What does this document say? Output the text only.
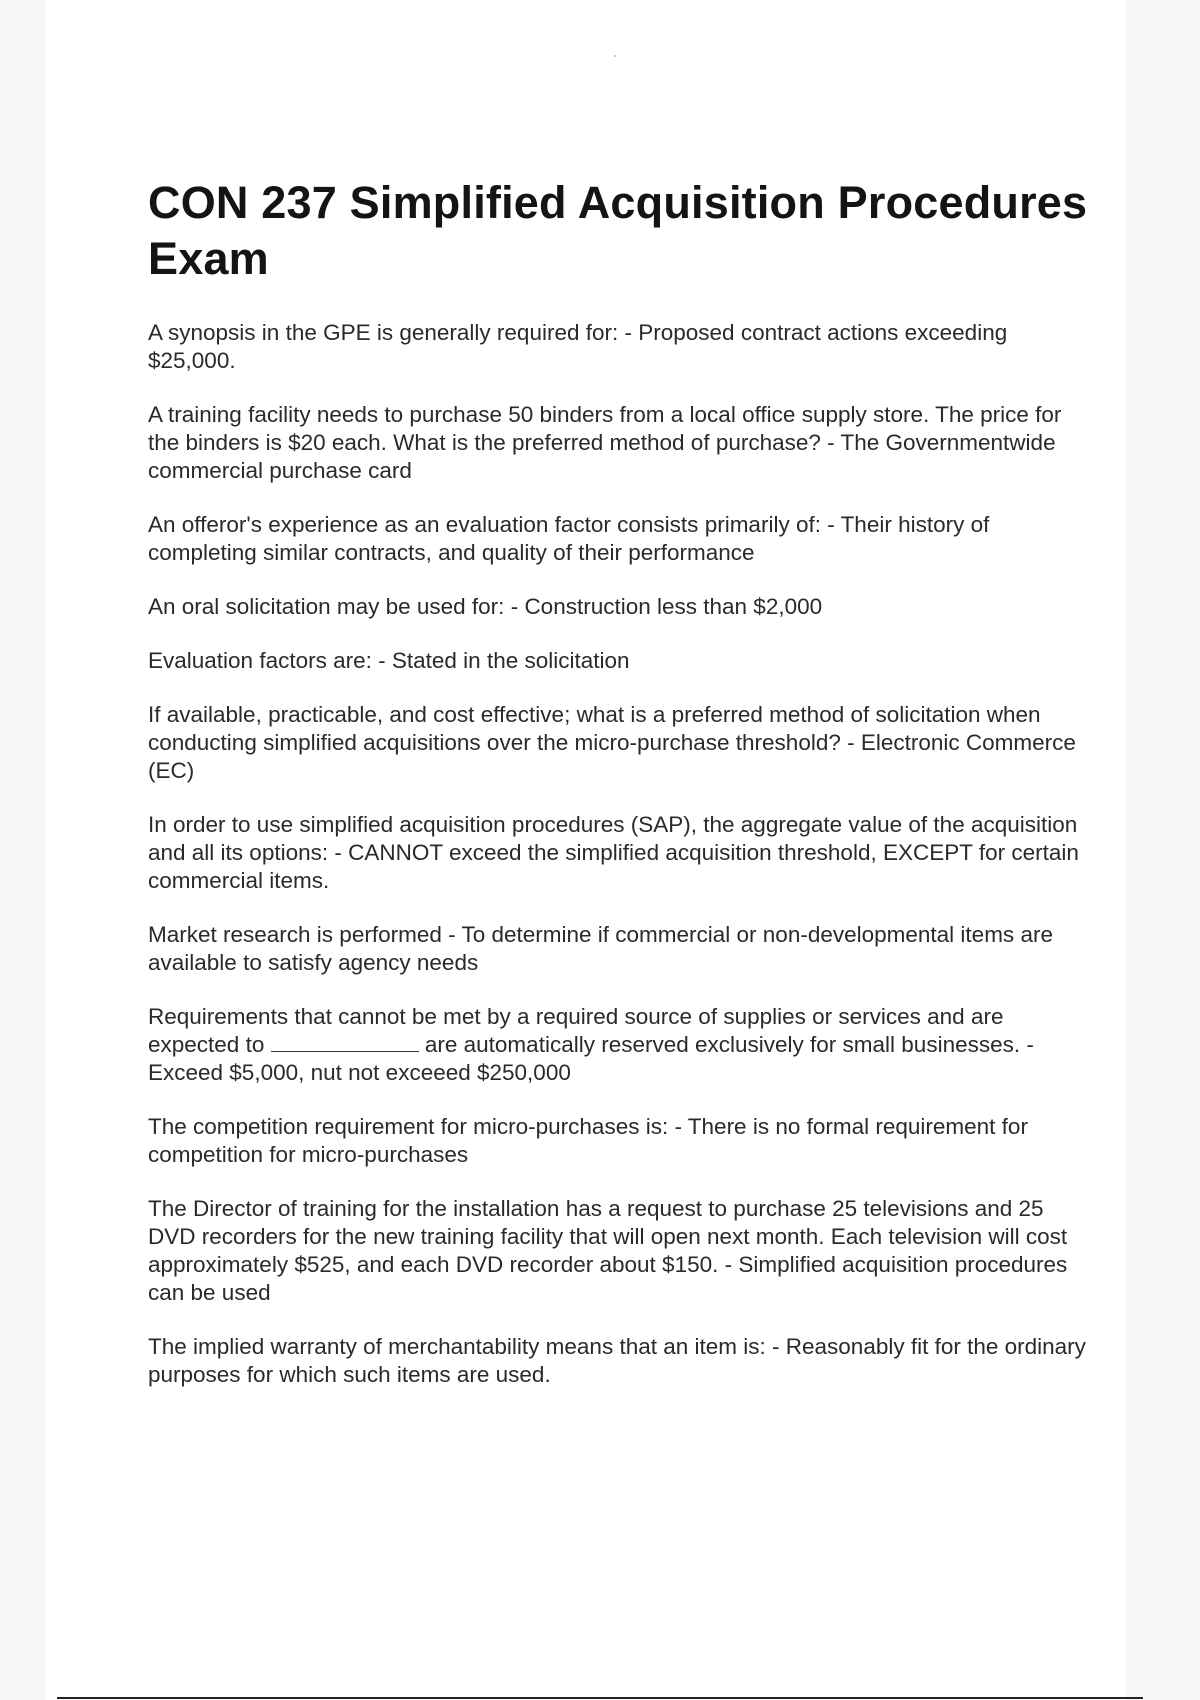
CON 237 Simplified Acquisition Procedures Exam

A synopsis in the GPE is generally required for: - Proposed contract actions exceeding $25,000.

A training facility needs to purchase 50 binders from a local office supply store. The price for the binders is $20 each. What is the preferred method of purchase? - The Governmentwide commercial purchase card

An offeror's experience as an evaluation factor consists primarily of: - Their history of completing similar contracts, and quality of their performance

An oral solicitation may be used for: - Construction less than $2,000

Evaluation factors are: - Stated in the solicitation

If available, practicable, and cost effective; what is a preferred method of solicitation when conducting simplified acquisitions over the micro-purchase threshold? - Electronic Commerce (EC)

In order to use simplified acquisition procedures (SAP), the aggregate value of the acquisition and all its options: - CANNOT exceed the simplified acquisition threshold, EXCEPT for certain commercial items.

Market research is performed - To determine if commercial or non-developmental items are available to satisfy agency needs

Requirements that cannot be met by a required source of supplies or services and are expected to	are automatically reserved exclusively for small businesses. - Exceed $5,000, nut not exceeed $250,000

The competition requirement for micro-purchases is: - There is no formal requirement for competition for micro-purchases

The Director of training for the installation has a request to purchase 25 televisions and 25 DVD recorders for the new training facility that will open next month. Each television will cost approximately $525, and each DVD recorder about $150. - Simplified acquisition procedures can be used

The implied warranty of merchantability means that an item is: - Reasonably fit for the ordinary purposes for which such items are used.
